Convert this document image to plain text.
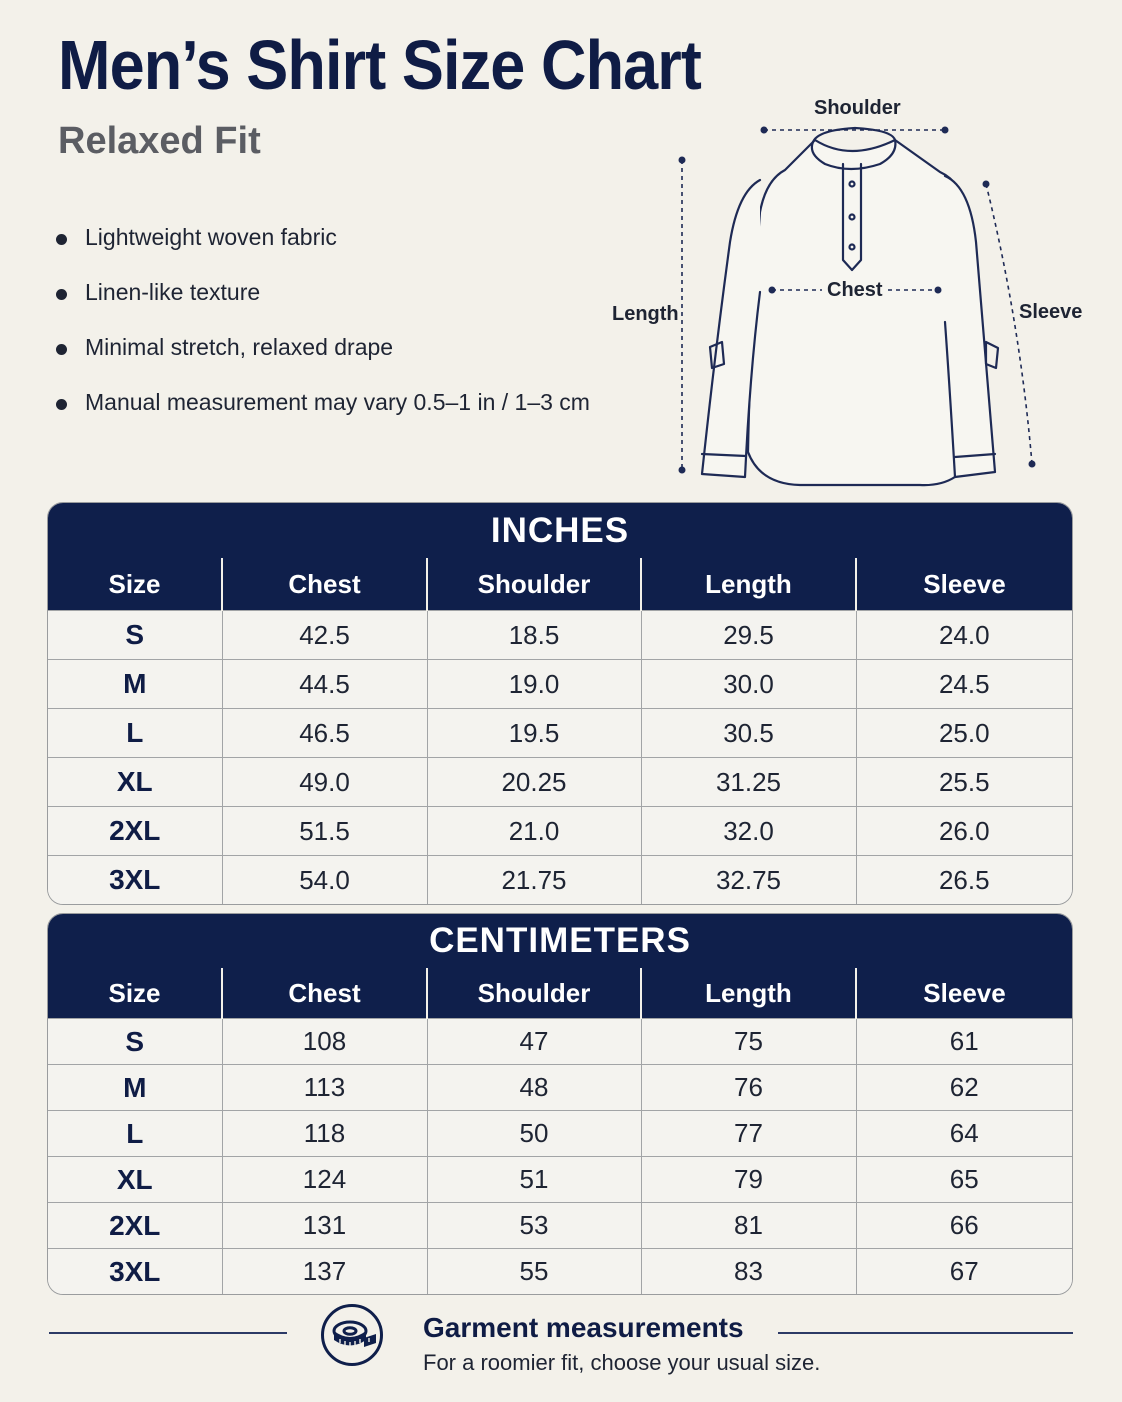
Men’s Shirt Size Chart
Relaxed Fit
Lightweight woven fabric
Linen-like texture
Minimal stretch, relaxed drape
Manual measurement may vary 0.5–1 in / 1–3 cm
Shoulder
Chest
Length	Sleeve
INCHES
Size	Chest	Shoulder	Length	Sleeve
S	42.5	18.5	29.5	24.0
M	44.5	19.0	30.0	24.5
L	46.5	19.5	30.5	25.0
XL	49.0	20.25	31.25	25.5
2XL	51.5	21.0	32.0	26.0
3XL	54.0	21.75	32.75	26.5
CENTIMETERS
Size	Chest	Shoulder	Length	Sleeve
S	108	47	75	61
M	113	48	76	62
L	118	50	77	64
XL	124	51	79	65
2XL	131	53	81	66
3XL	137	55	83	67
Garment measurements
For a roomier fit, choose your usual size.
